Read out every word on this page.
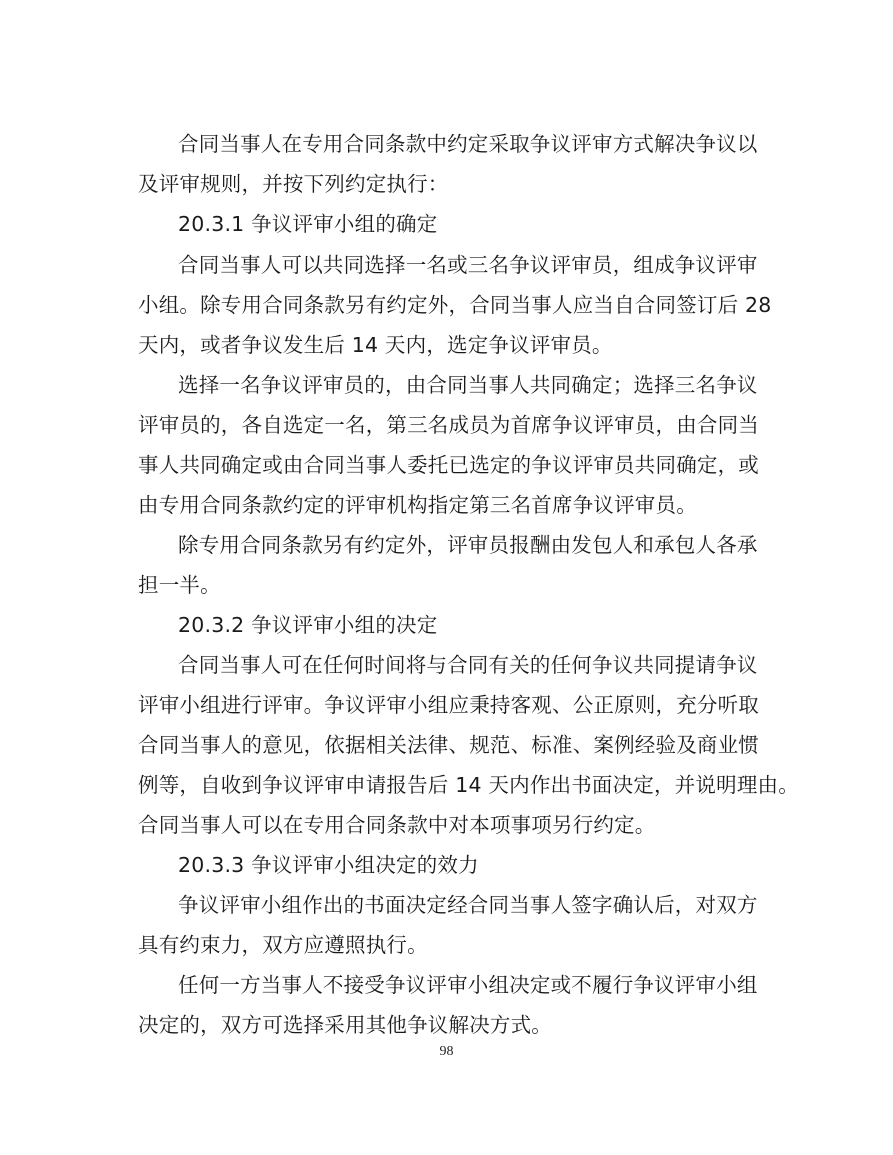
合同当事人在专用合同条款中约定采取争议评审方式解决争议以

及评审规则，并按下列约定执行：

20.3.1 争议评审小组的确定

合同当事人可以共同选择一名或三名争议评审员，组成争议评审

小组。除专用合同条款另有约定外，合同当事人应当自合同签订后 28

天内，或者争议发生后 14 天内，选定争议评审员。

选择一名争议评审员的，由合同当事人共同确定；选择三名争议

评审员的，各自选定一名，第三名成员为首席争议评审员，由合同当

事人共同确定或由合同当事人委托已选定的争议评审员共同确定，或

由专用合同条款约定的评审机构指定第三名首席争议评审员。

除专用合同条款另有约定外，评审员报酬由发包人和承包人各承

担一半。

20.3.2 争议评审小组的决定

合同当事人可在任何时间将与合同有关的任何争议共同提请争议

评审小组进行评审。争议评审小组应秉持客观、公正原则，充分听取

合同当事人的意见，依据相关法律、规范、标准、案例经验及商业惯

例等，自收到争议评审申请报告后 14 天内作出书面决定，并说明理由。

合同当事人可以在专用合同条款中对本项事项另行约定。

20.3.3 争议评审小组决定的效力

争议评审小组作出的书面决定经合同当事人签字确认后，对双方

具有约束力，双方应遵照执行。

任何一方当事人不接受争议评审小组决定或不履行争议评审小组

决定的，双方可选择采用其他争议解决方式。

98
